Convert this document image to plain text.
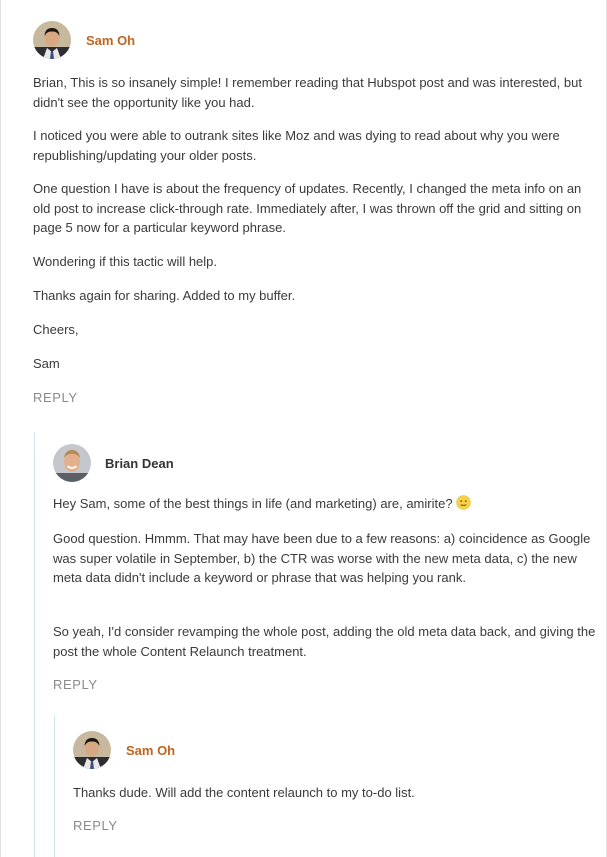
Sam Oh

Brian, This is so insanely simple! I remember reading that Hubspot post and was interested, but didn't see the opportunity like you had.

I noticed you were able to outrank sites like Moz and was dying to read about why you were republishing/updating your older posts.

One question I have is about the frequency of updates. Recently, I changed the meta info on an old post to increase click-through rate. Immediately after, I was thrown off the grid and sitting on page 5 now for a particular keyword phrase.

Wondering if this tactic will help.

Thanks again for sharing. Added to my buffer.

Cheers,

Sam

REPLY
Brian Dean

Hey Sam, some of the best things in life (and marketing) are, amirite?

Good question. Hmmm. That may have been due to a few reasons: a) coincidence as Google was super volatile in September, b) the CTR was worse with the new meta data, c) the new meta data didn't include a keyword or phrase that was helping you rank.

So yeah, I'd consider revamping the whole post, adding the old meta data back, and giving the post the whole Content Relaunch treatment.

REPLY
Sam Oh

Thanks dude. Will add the content relaunch to my to-do list.

REPLY
